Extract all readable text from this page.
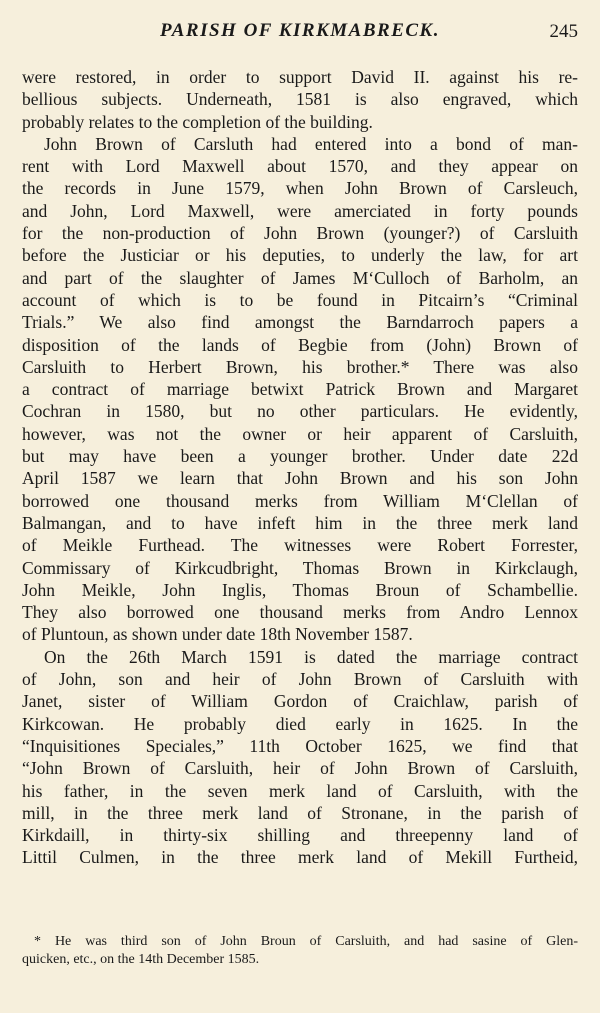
PARISH OF KIRKMABRECK.	245
were restored, in order to support David II. against his re-
bellious subjects. Underneath, 1581 is also engraved, which
probably relates to the completion of the building.
John Brown of Carsluth had entered into a bond of man-
rent with Lord Maxwell about 1570, and they appear on
the records in June 1579, when John Brown of Carsleuch,
and John, Lord Maxwell, were amerciated in forty pounds
for the non-production of John Brown (younger?) of Carsluith
before the Justiciar or his deputies, to underly the law, for art
and part of the slaughter of James M‘Culloch of Barholm, an
account of which is to be found in Pitcairn’s “Criminal
Trials.” We also find amongst the Barndarroch papers a
disposition of the lands of Begbie from (John) Brown of
Carsluith to Herbert Brown, his brother.* There was also
a contract of marriage betwixt Patrick Brown and Margaret
Cochran in 1580, but no other particulars. He evidently,
however, was not the owner or heir apparent of Carsluith,
but may have been a younger brother. Under date 22d
April 1587 we learn that John Brown and his son John
borrowed one thousand merks from William M‘Clellan of
Balmangan, and to have infeft him in the three merk land
of Meikle Furthead. The witnesses were Robert Forrester,
Commissary of Kirkcudbright, Thomas Brown in Kirkclaugh,
John Meikle, John Inglis, Thomas Broun of Schambellie.
They also borrowed one thousand merks from Andro Lennox
of Pluntoun, as shown under date 18th November 1587.
On the 26th March 1591 is dated the marriage contract
of John, son and heir of John Brown of Carsluith with
Janet, sister of William Gordon of Craichlaw, parish of
Kirkcowan. He probably died early in 1625. In the
“Inquisitiones Speciales,” 11th October 1625, we find that
“John Brown of Carsluith, heir of John Brown of Carsluith,
his father, in the seven merk land of Carsluith, with the
mill, in the three merk land of Stronane, in the parish of
Kirkdaill, in thirty-six shilling and threepenny land of
Littil Culmen, in the three merk land of Mekill Furtheid,
* He was third son of John Broun of Carsluith, and had sasine of Glen-
quicken, etc., on the 14th December 1585.
